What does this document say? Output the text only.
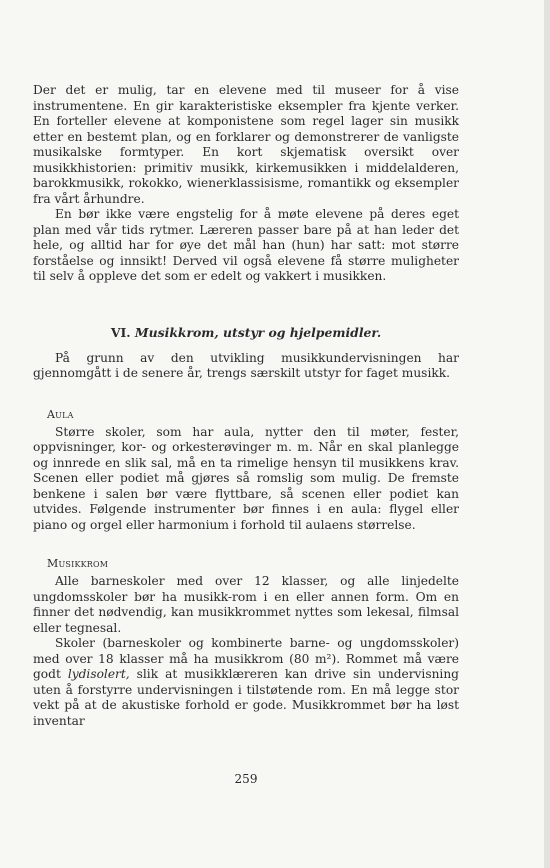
Der det er mulig, tar en elevene med til museer for å vise instrumentene. En gir karakteristiske eksempler fra kjente verker. En forteller elevene at komponistene som regel lager sin musikk etter en bestemt plan, og en forklarer og demonstrerer de vanligste musikalske formtyper. En kort skjematisk oversikt over musikkhistorien: primitiv musikk, kirkemusikken i middelalderen, barokkmusikk, rokokko, wienerklassisisme, romantikk og eksempler fra vårt århundre.

En bør ikke være engstelig for å møte elevene på deres eget plan med vår tids rytmer. Læreren passer bare på at han leder det hele, og alltid har for øye det mål han (hun) har satt: mot større forståelse og innsikt! Derved vil også elevene få større muligheter til selv å oppleve det som er edelt og vakkert i musikken.

VI. Musikkrom, utstyr og hjelpemidler.

På grunn av den utvikling musikkundervisningen har gjennomgått i de senere år, trengs særskilt utstyr for faget musikk.

Aula

Større skoler, som har aula, nytter den til møter, fester, oppvisninger, kor- og orkesterøvinger m. m. Når en skal planlegge og innrede en slik sal, må en ta rimelige hensyn til musikkens krav. Scenen eller podiet må gjøres så romslig som mulig. De fremste benkene i salen bør være flyttbare, så scenen eller podiet kan utvides. Følgende instrumenter bør finnes i en aula: flygel eller piano og orgel eller harmonium i forhold til aulaens størrelse.

Musikkrom

Alle barneskoler med over 12 klasser, og alle linjedelte ungdomsskoler bør ha musikk-rom i en eller annen form. Om en finner det nødvendig, kan musikkrommet nyttes som lekesal, filmsal eller tegnesal.

Skoler (barneskoler og kombinerte barne- og ungdomsskoler) med over 18 klasser må ha musikkrom (80 m²). Rommet må være godt lydisolert, slik at musikklæreren kan drive sin undervisning uten å forstyrre undervisningen i tilstøtende rom. En må legge stor vekt på at de akustiske forhold er gode. Musikkrommet bør ha løst inventar

259
